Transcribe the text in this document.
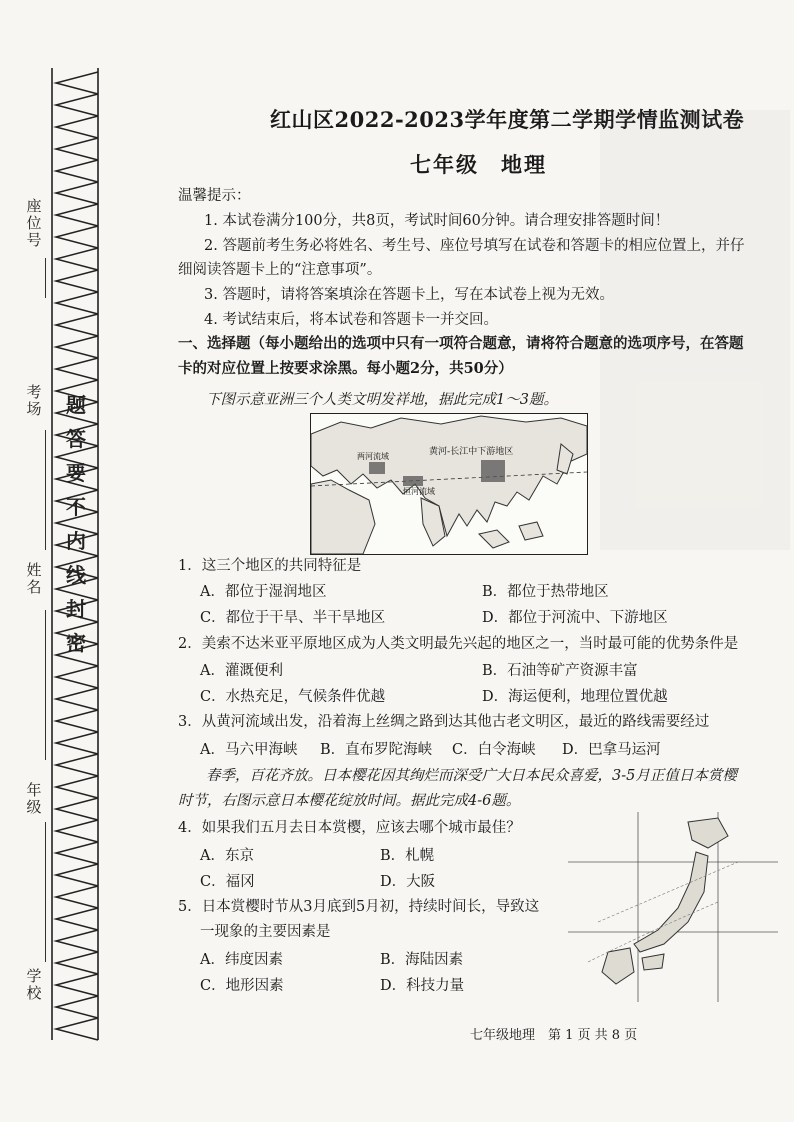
座位号
考场
姓名
年级
学校
题
答
要
不
内
线
封
密
红山区2022-2023学年度第二学期学情监测试卷
七年级 地理
温馨提示：
1. 本试卷满分100分，共8页，考试时间60分钟。请合理安排答题时间！
2. 答题前考生务必将姓名、考生号、座位号填写在试卷和答题卡的相应位置上，并仔
细阅读答题卡上的“注意事项”。
3. 答题时，请将答案填涂在答题卡上，写在本试卷上视为无效。
4. 考试结束后，将本试卷和答题卡一并交回。
一、选择题（每小题给出的选项中只有一项符合题意，请将符合题意的选项序号，在答题
卡的对应位置上按要求涂黑。每小题2分，共50分）
下图示意亚洲三个人类文明发祥地，据此完成1～3题。
黄河-长江中下游地区
两河流域
恒河流域
1．这三个地区的共同特征是
A．都位于湿润地区	B．都位于热带地区
C．都位于干旱、半干旱地区	D．都位于河流中、下游地区
2．美索不达米亚平原地区成为人类文明最先兴起的地区之一，当时最可能的优势条件是
A．灌溉便利	B．石油等矿产资源丰富
C．水热充足，气候条件优越	D．海运便利，地理位置优越
3．从黄河流域出发，沿着海上丝绸之路到达其他古老文明区，最近的路线需要经过
A．马六甲海峡 B．直布罗陀海峡 C．白令海峡 D．巴拿马运河
春季，百花齐放。日本樱花因其绚烂而深受广大日本民众喜爱，3-5月正值日本赏樱
时节，右图示意日本樱花绽放时间。据此完成4-6题。
4．如果我们五月去日本赏樱，应该去哪个城市最佳？
A．东京	B．札幌
C．福冈	D．大阪
5．日本赏樱时节从3月底到5月初，持续时间长，导致这
一现象的主要因素是
A．纬度因素	B．海陆因素
C．地形因素	D．科技力量
七年级地理　第 1 页 共 8 页
